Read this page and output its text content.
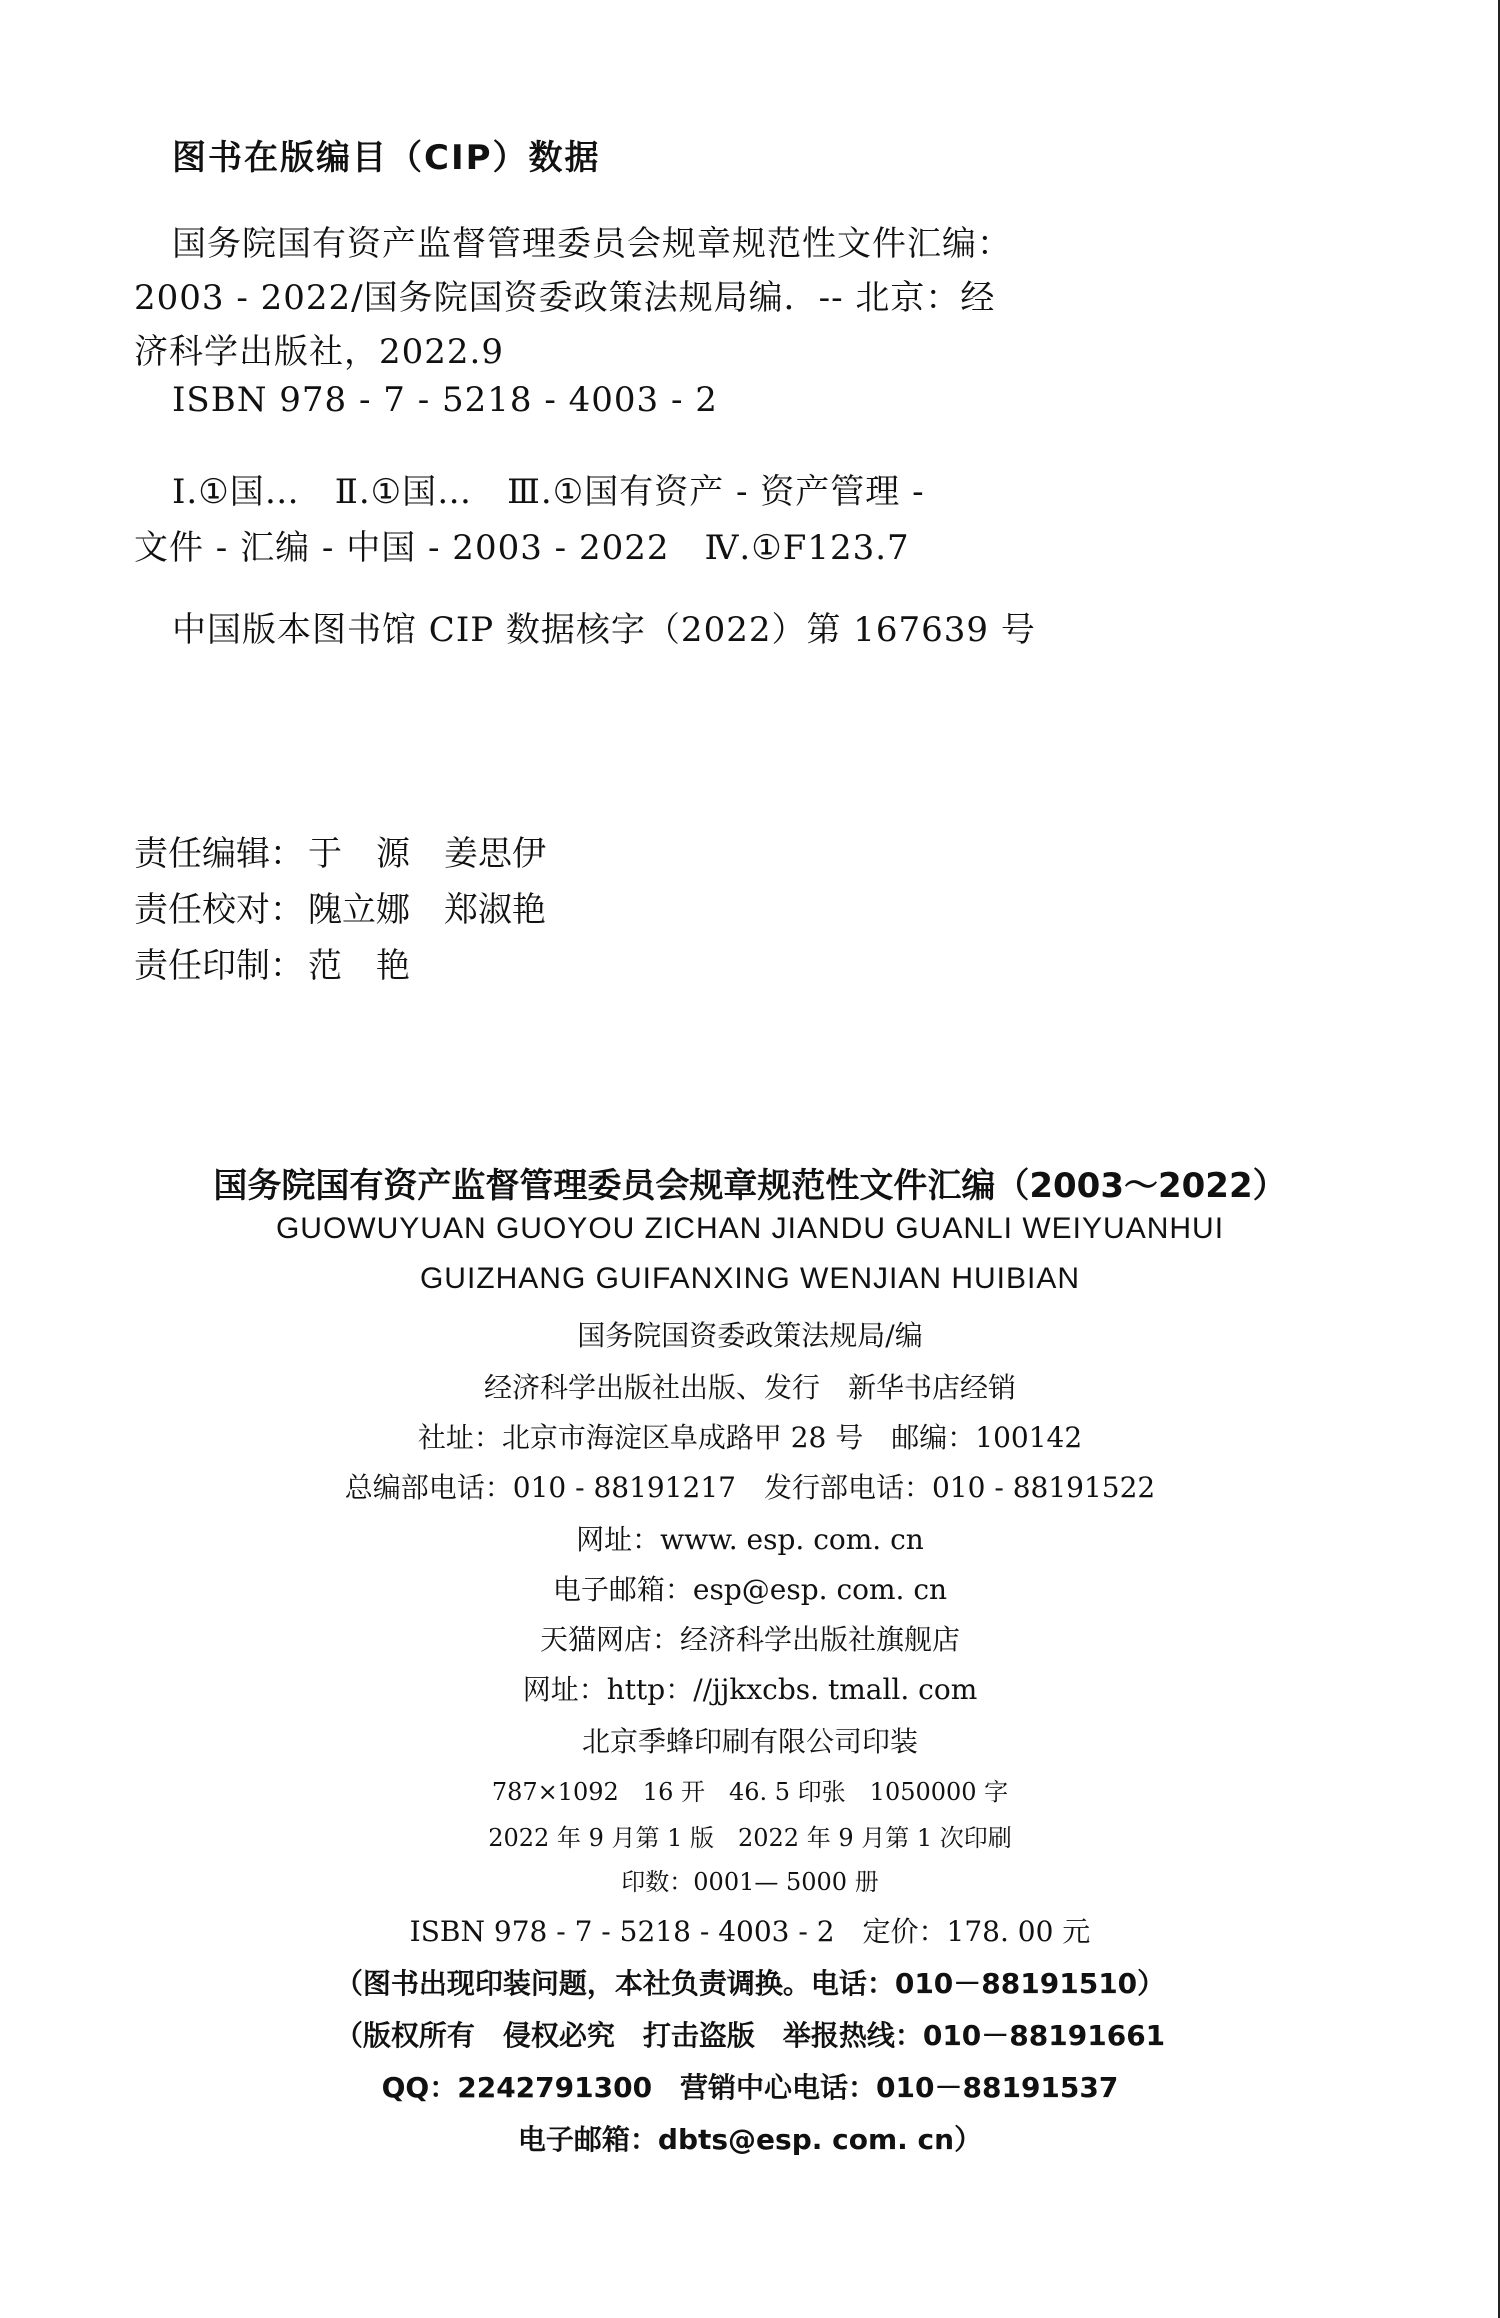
图书在版编目（CIP）数据
国务院国有资产监督管理委员会规章规范性文件汇编：
2003 - 2022/国务院国资委政策法规局编．-- 北京：经
济科学出版社，2022.9
ISBN 978 - 7 - 5218 - 4003 - 2
Ⅰ.①国…　Ⅱ.①国…　Ⅲ.①国有资产 - 资产管理 -
文件 - 汇编 - 中国 - 2003 - 2022　Ⅳ.①F123.7
中国版本图书馆 CIP 数据核字（2022）第 167639 号
责任编辑： 于　源　姜思伊
责任校对： 隗立娜　郑淑艳
责任印制： 范　艳
国务院国有资产监督管理委员会规章规范性文件汇编（2003～2022）
GUOWUYUAN GUOYOU ZICHAN JIANDU GUANLI WEIYUANHUI
GUIZHANG GUIFANXING WENJIAN HUIBIAN
国务院国资委政策法规局/编
经济科学出版社出版、发行　新华书店经销
社址：北京市海淀区阜成路甲 28 号　邮编：100142
总编部电话：010 - 88191217　发行部电话：010 - 88191522
网址：www. esp. com. cn
电子邮箱：esp@esp. com. cn
天猫网店：经济科学出版社旗舰店
网址：http：//jjkxcbs. tmall. com
北京季蜂印刷有限公司印装
787×1092　16 开　46. 5 印张　1050000 字
2022 年 9 月第 1 版　2022 年 9 月第 1 次印刷
印数：0001— 5000 册
ISBN 978 - 7 - 5218 - 4003 - 2　定价：178. 00 元
（图书出现印装问题，本社负责调换。电话：010－88191510）
（版权所有　侵权必究　打击盗版　举报热线：010－88191661
QQ：2242791300　营销中心电话：010－88191537
电子邮箱：dbts@esp. com. cn）
